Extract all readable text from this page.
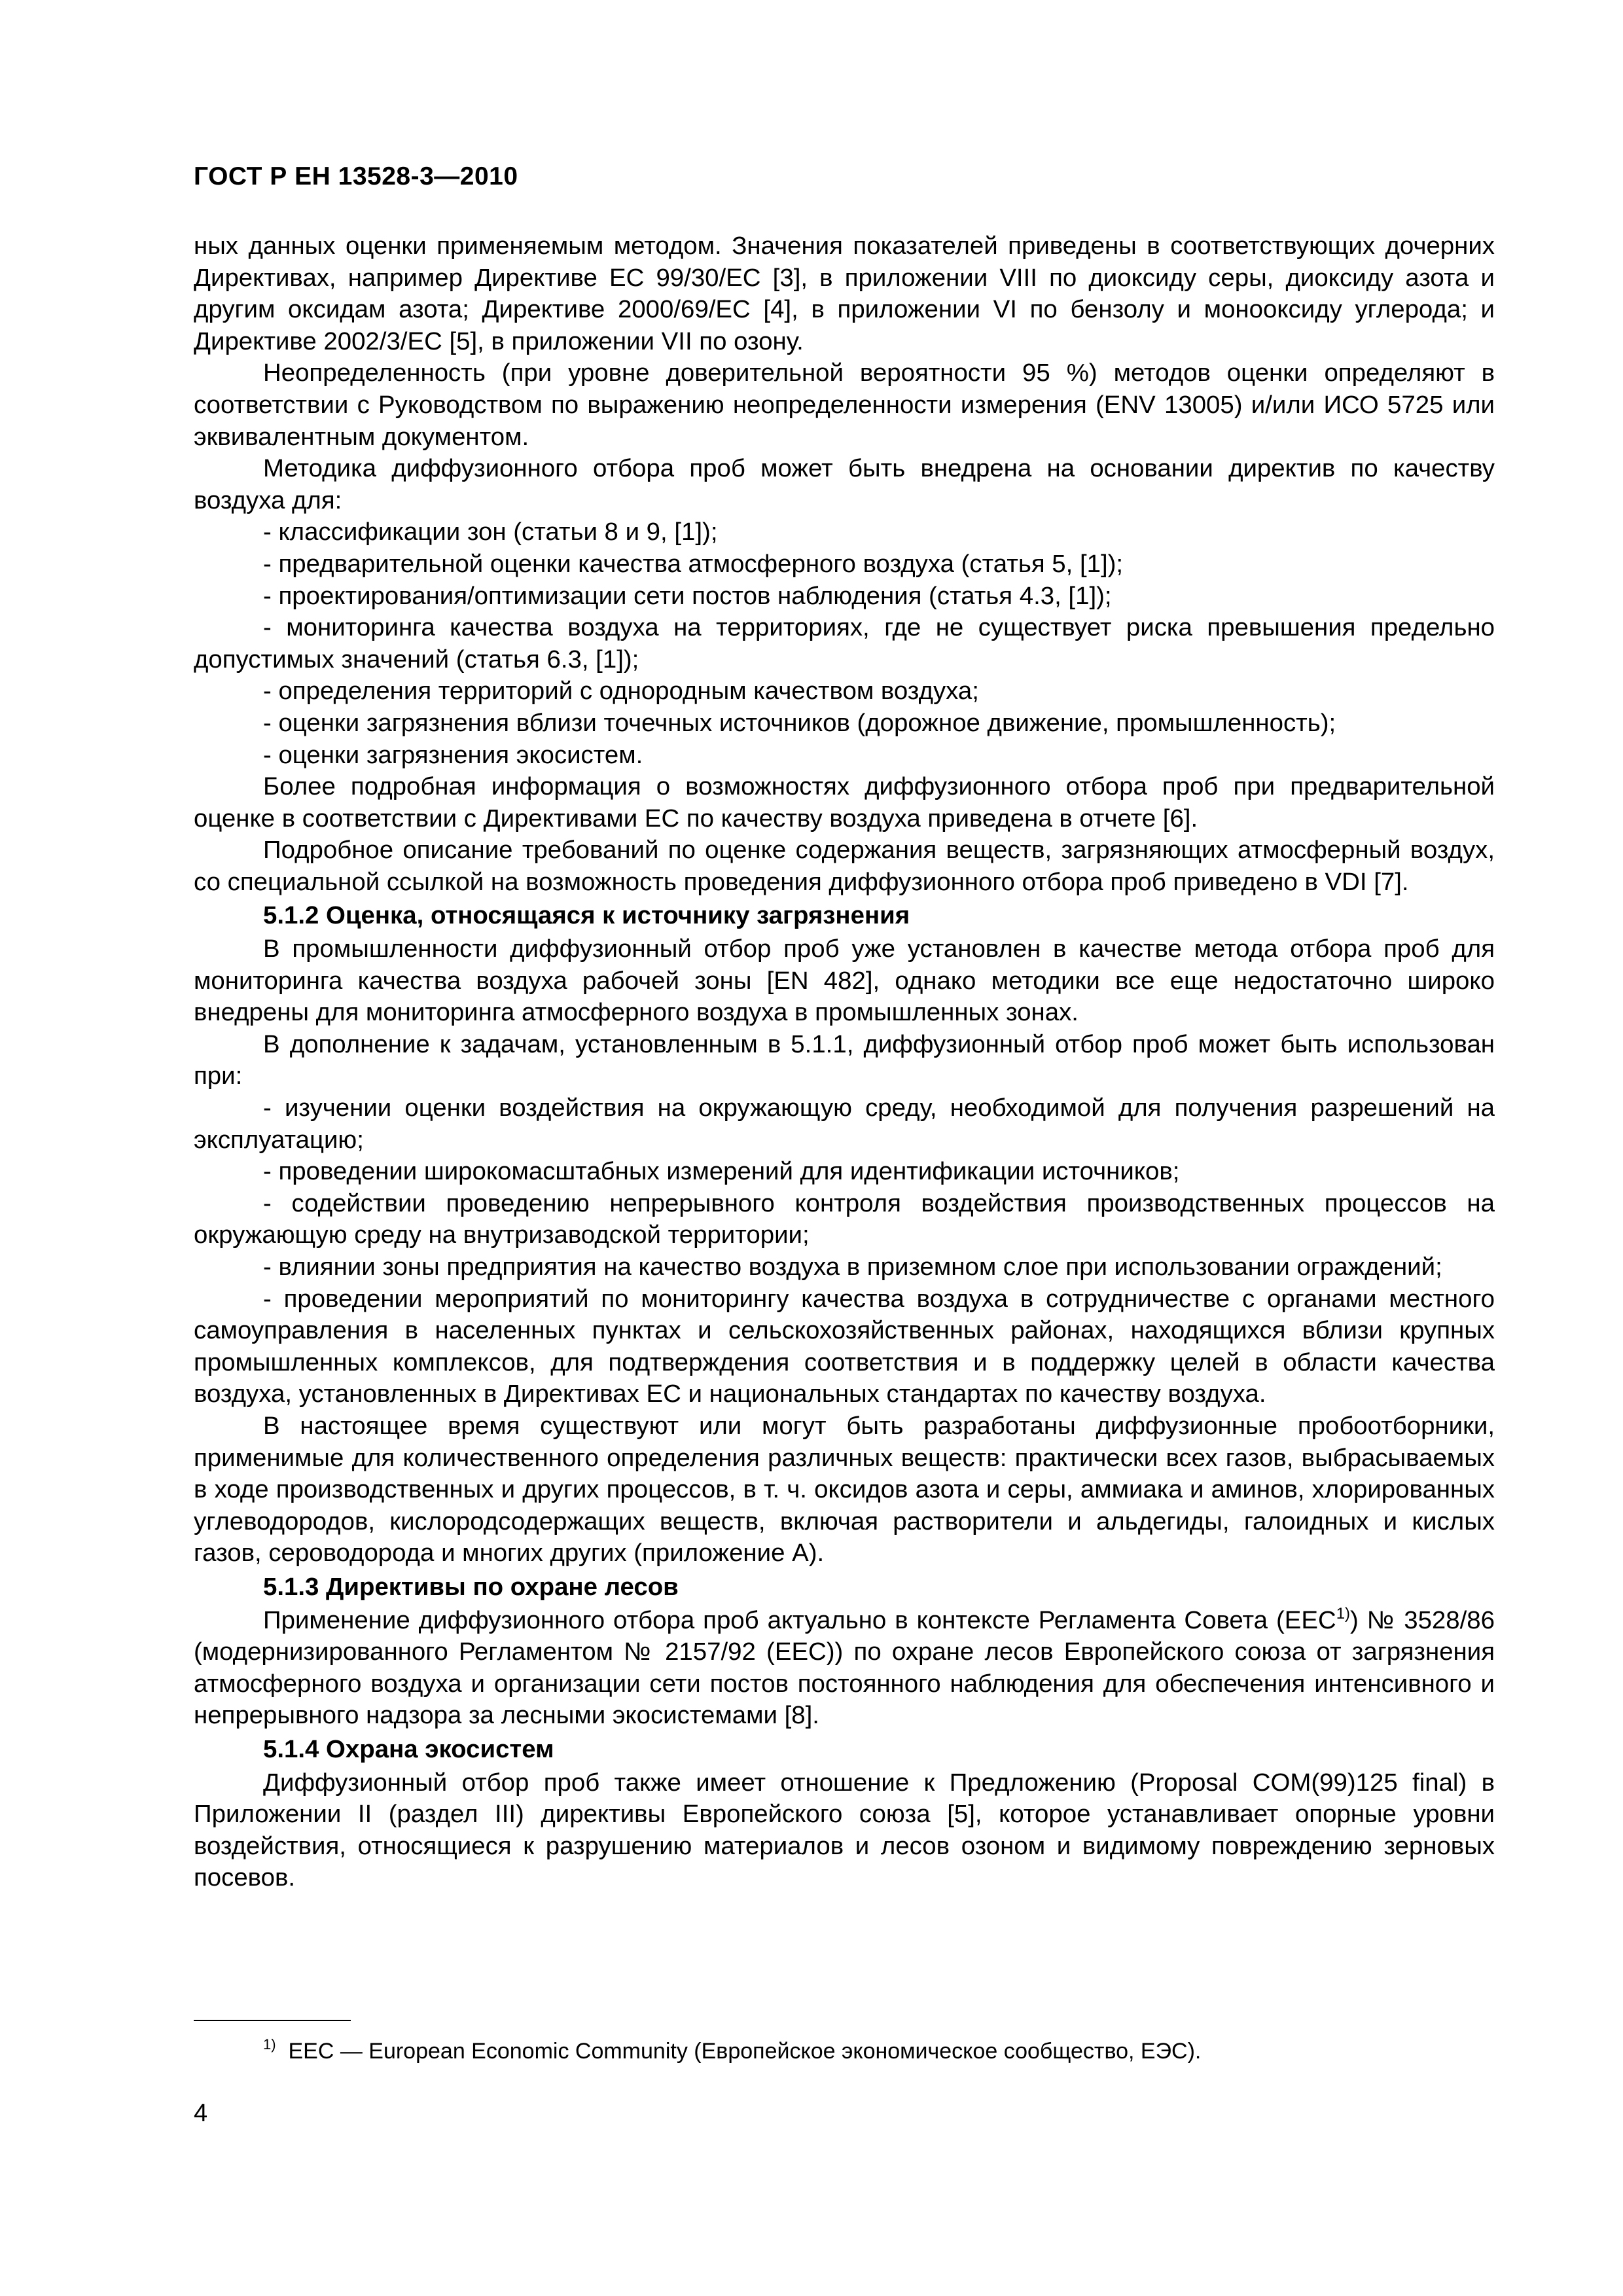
ГОСТ Р ЕН 13528-3—2010

ных данных оценки применяемым методом. Значения показателей приведены в соответствующих дочерних Директивах, например Директиве ЕС 99/30/ЕС [3], в приложении VIII по диоксиду серы, диоксиду азота и другим оксидам азота; Директиве 2000/69/ЕС [4], в приложении VI по бензолу и монооксиду углерода; и Директиве 2002/3/ЕС [5], в приложении VII по озону.

Неопределенность (при уровне доверительной вероятности 95 %) методов оценки определяют в соответствии с Руководством по выражению неопределенности измерения (ENV 13005) и/или ИСО 5725 или эквивалентным документом.

Методика диффузионного отбора проб может быть внедрена на основании директив по качеству воздуха для:

- классификации зон (статьи 8 и 9, [1]);

- предварительной оценки качества атмосферного воздуха (статья 5, [1]);

- проектирования/оптимизации сети постов наблюдения (статья 4.3, [1]);

- мониторинга качества воздуха на территориях, где не существует риска превышения предельно допустимых значений (статья 6.3, [1]);

- определения территорий с однородным качеством воздуха;

- оценки загрязнения вблизи точечных источников (дорожное движение, промышленность);

- оценки загрязнения экосистем.

Более подробная информация о возможностях диффузионного отбора проб при предварительной оценке в соответствии с Директивами ЕС по качеству воздуха приведена в отчете [6].

Подробное описание требований по оценке содержания веществ, загрязняющих атмосферный воздух, со специальной ссылкой на возможность проведения диффузионного отбора проб приведено в VDI [7].

5.1.2 Оценка, относящаяся к источнику загрязнения

В промышленности диффузионный отбор проб уже установлен в качестве метода отбора проб для мониторинга качества воздуха рабочей зоны [EN 482], однако методики все еще недостаточно широко внедрены для мониторинга атмосферного воздуха в промышленных зонах.

В дополнение к задачам, установленным в 5.1.1, диффузионный отбор проб может быть использован при:

- изучении оценки воздействия на окружающую среду, необходимой для получения разрешений на эксплуатацию;

- проведении широкомасштабных измерений для идентификации источников;

- содействии проведению непрерывного контроля воздействия производственных процессов на окружающую среду на внутризаводской территории;

- влиянии зоны предприятия на качество воздуха в приземном слое при использовании ограждений;

- проведении мероприятий по мониторингу качества воздуха в сотрудничестве с органами местного самоуправления в населенных пунктах и сельскохозяйственных районах, находящихся вблизи крупных промышленных комплексов, для подтверждения соответствия и в поддержку целей в области качества воздуха, установленных в Директивах ЕС и национальных стандартах по качеству воздуха.

В настоящее время существуют или могут быть разработаны диффузионные пробоотборники, применимые для количественного определения различных веществ: практически всех газов, выбрасываемых в ходе производственных и других процессов, в т. ч. оксидов азота и серы, аммиака и аминов, хлорированных углеводородов, кислородсодержащих веществ, включая растворители и альдегиды, галоидных и кислых газов, сероводорода и многих других (приложение А).

5.1.3 Директивы по охране лесов

Применение диффузионного отбора проб актуально в контексте Регламента Совета (ЕЕС$^{1)}$) № 3528/86 (модернизированного Регламентом № 2157/92 (ЕЕС)) по охране лесов Европейского союза от загрязнения атмосферного воздуха и организации сети постов постоянного наблюдения для обеспечения интенсивного и непрерывного надзора за лесными экосистемами [8].

5.1.4 Охрана экосистем

Диффузионный отбор проб также имеет отношение к Предложению (Proposal COM(99)125 final) в Приложении II (раздел III) директивы Европейского союза [5], которое устанавливает опорные уровни воздействия, относящиеся к разрушению материалов и лесов озоном и видимому повреждению зерновых посевов.

$^{1)}$ EEC — European Economic Community (Европейское экономическое сообщество, ЕЭС).
4
